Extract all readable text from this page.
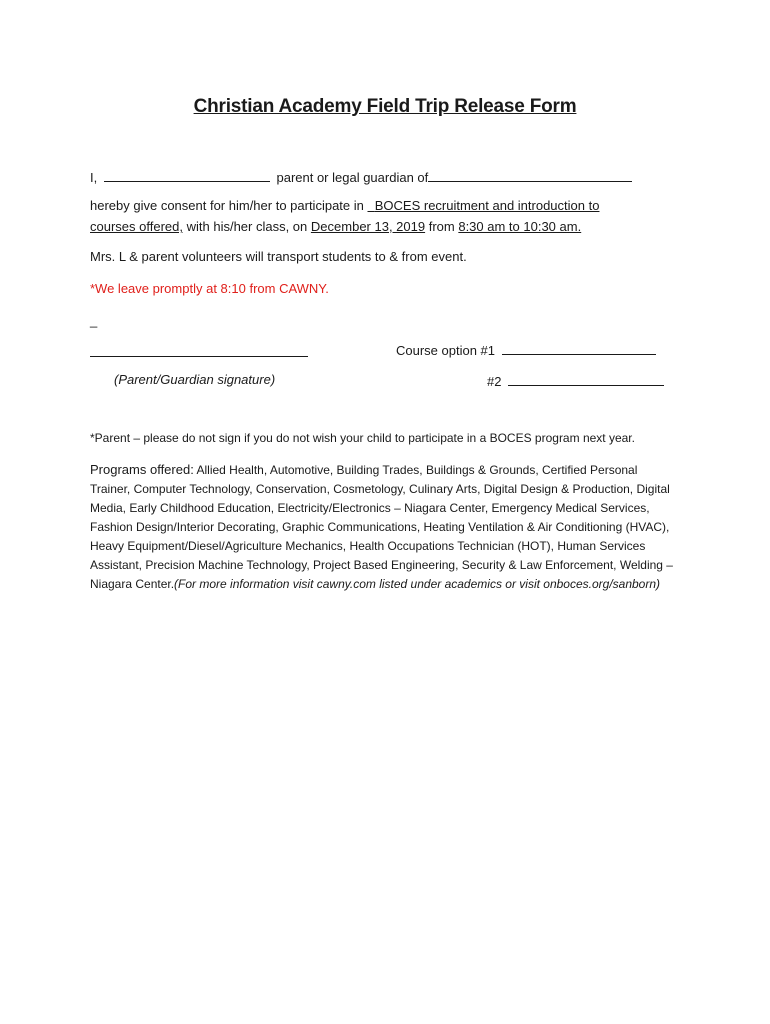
Christian Academy Field Trip Release Form
I,	parent or legal guardian of
hereby give consent for him/her to participate in BOCES recruitment and introduction to
courses offered, with his/her class, on December 13, 2019 from 8:30 am to 10:30 am.
Mrs. L & parent volunteers will transport students to & from event.
*We leave promptly at 8:10 from CAWNY.
_
(Parent/Guardian signature)
Course option #1
#2
*Parent – please do not sign if you do not wish your child to participate in a BOCES program next year.
Programs offered: Allied Health, Automotive, Building Trades, Buildings & Grounds, Certified Personal Trainer, Computer Technology, Conservation, Cosmetology, Culinary Arts, Digital Design & Production, Digital Media, Early Childhood Education, Electricity/Electronics – Niagara Center, Emergency Medical Services, Fashion Design/Interior Decorating, Graphic Communications, Heating Ventilation & Air Conditioning (HVAC), Heavy Equipment/Diesel/Agriculture Mechanics, Health Occupations Technician (HOT), Human Services Assistant, Precision Machine Technology, Project Based Engineering, Security & Law Enforcement, Welding – Niagara Center.(For more information visit cawny.com listed under academics or visit onboces.org/sanborn)
